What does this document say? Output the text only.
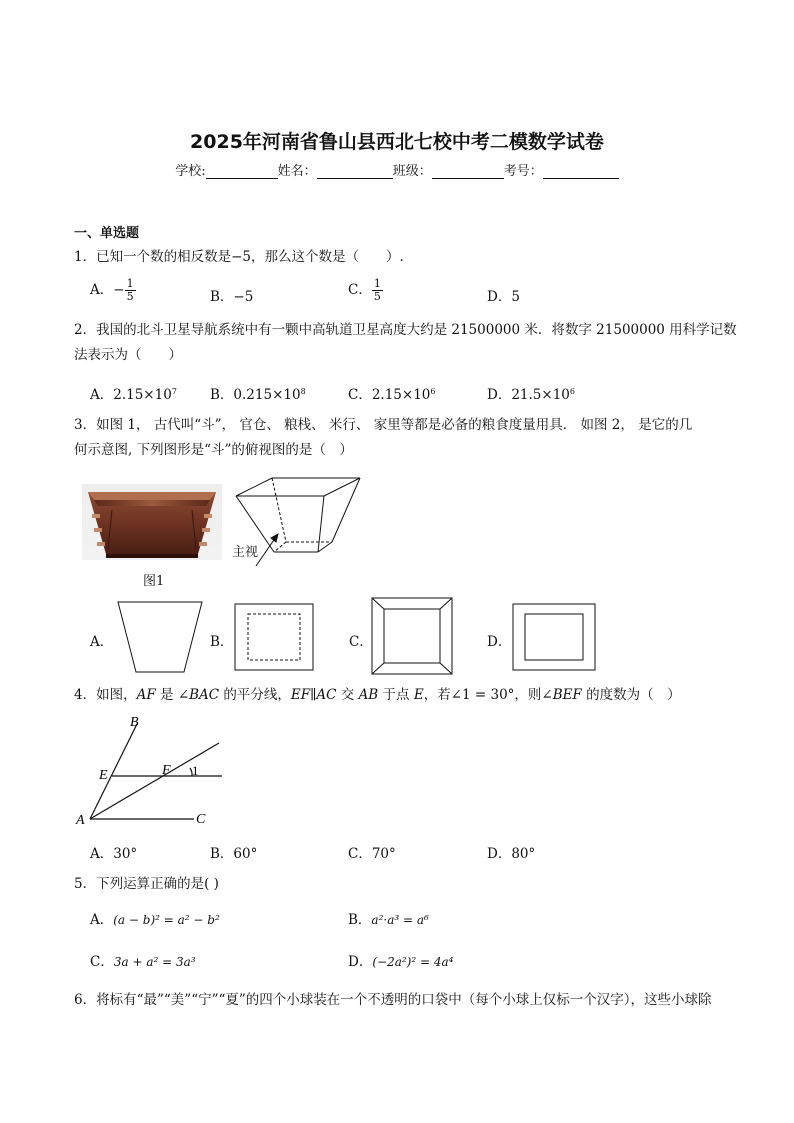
2025年河南省鲁山县西北七校中考二模数学试卷
学校:	姓名：	班级：	考号：
一、单选题
1．已知一个数的相反数是−5，那么这个数是（　　）.
A．− $\frac{1}{5}$	B．−5	C． $\frac{1}{5}$	D．5
2．我国的北斗卫星导航系统中有一颗中高轨道卫星高度大约是 21500000 米．将数字 21500000 用科学记数
法表示为（　　）
A．$2.15\times 10^7$ B．$0.215\times 10^8$	C．$2.15\times 10^6$	D．$21.5\times 10^6$
3．如图 1， 古代叫“斗”， 官仓、 粮栈、 米行、 家里等都是必备的粮食度量用具． 如图 2， 是它的几
何示意图, 下列图形是“斗”的俯视图的是（　）
图1
主视
A．	B．	C．	D．
4．如图，AF 是 ∠BAC 的平分线，EF∥AC 交 AB 于点 E，若∠1 = 30°，则∠BEF 的度数为（　）
B
E	F 1
A	C
A．30°	B．60°	C．70°	D．80°
5．下列运算正确的是( )
A．(a − b)² = a² − b²	B．a²·a³ = a⁶
C．3a + a² = 3a³	D．(−2a²)² = 4a⁴
6．将标有“最”“美”“宁”“夏”的四个小球装在一个不透明的口袋中（每个小球上仅标一个汉字），这些小球除
